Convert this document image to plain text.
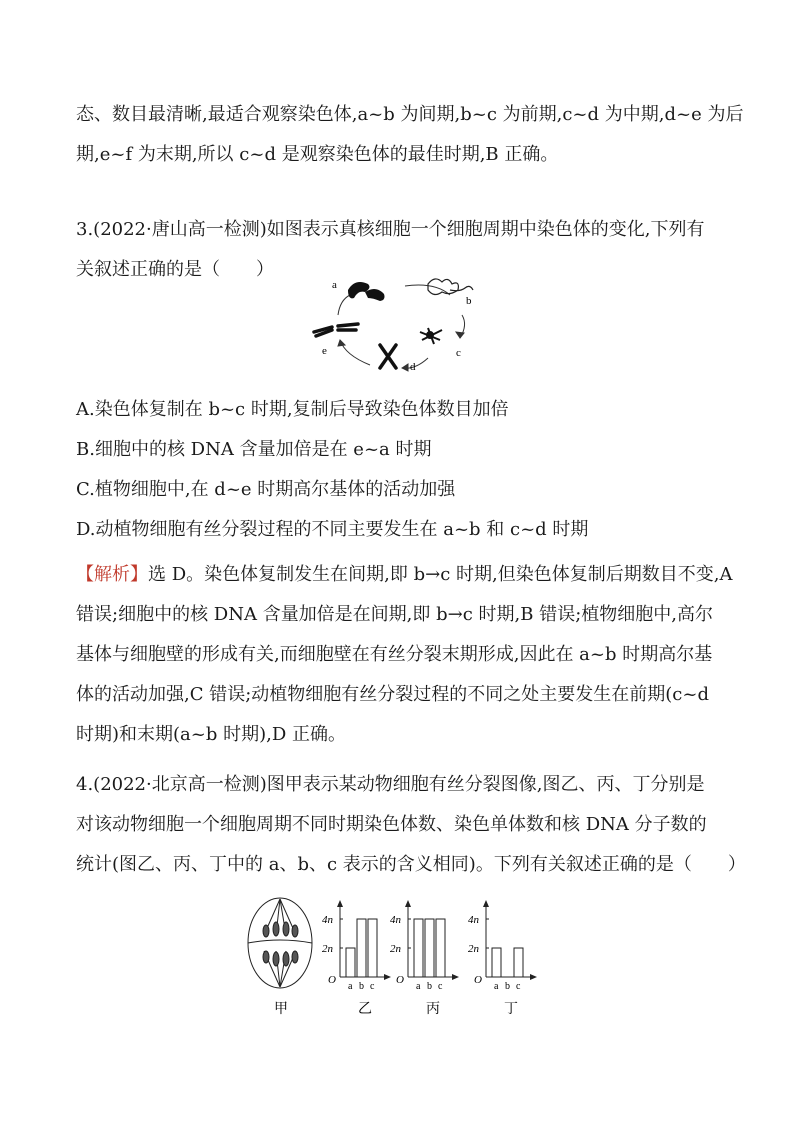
态、数目最清晰,最适合观察染色体,a~b 为间期,b~c 为前期,c~d 为中期,d~e 为后
期,e~f 为末期,所以 c~d 是观察染色体的最佳时期,B 正确。
3.(2022·唐山高一检测)如图表示真核细胞一个细胞周期中染色体的变化,下列有
关叙述正确的是（　　）
a
b
c
d
e
A.染色体复制在 b~c 时期,复制后导致染色体数目加倍
B.细胞中的核 DNA 含量加倍是在 e~a 时期
C.植物细胞中,在 d~e 时期高尔基体的活动加强
D.动植物细胞有丝分裂过程的不同主要发生在 a~b 和 c~d 时期
【解析】选 D。染色体复制发生在间期,即 b→c 时期,但染色体复制后期数目不变,A
错误;细胞中的核 DNA 含量加倍是在间期,即 b→c 时期,B 错误;植物细胞中,高尔
基体与细胞壁的形成有关,而细胞壁在有丝分裂末期形成,因此在 a~b 时期高尔基
体的活动加强,C 错误;动植物细胞有丝分裂过程的不同之处主要发生在前期(c~d
时期)和末期(a~b 时期),D 正确。
4.(2022·北京高一检测)图甲表示某动物细胞有丝分裂图像,图乙、丙、丁分别是
对该动物细胞一个细胞周期不同时期染色体数、染色单体数和核 DNA 分子数的
统计(图乙、丙、丁中的 a、b、c 表示的含义相同)。下列有关叙述正确的是（　　）
甲
2n
4n
O
a b c
乙
2n
4n
O
a b c
丙
2n
4n
O
a b c
丁
